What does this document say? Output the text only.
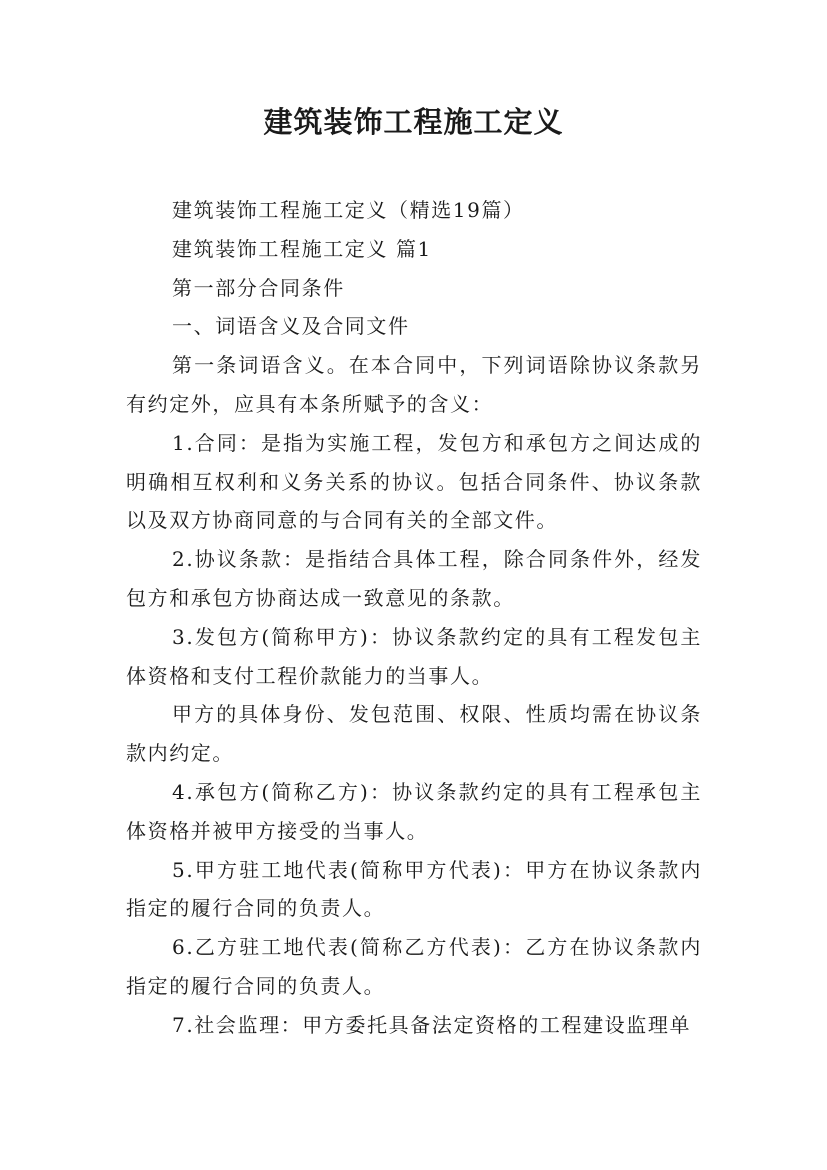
建筑装饰工程施工定义

建筑装饰工程施工定义（精选19篇）

建筑装饰工程施工定义 篇1

第一部分合同条件

一、词语含义及合同文件

第一条词语含义。在本合同中，下列词语除协议条款另有约定外，应具有本条所赋予的含义：

1.合同：是指为实施工程，发包方和承包方之间达成的明确相互权利和义务关系的协议。包括合同条件、协议条款以及双方协商同意的与合同有关的全部文件。

2.协议条款：是指结合具体工程，除合同条件外，经发包方和承包方协商达成一致意见的条款。

3.发包方(简称甲方)：协议条款约定的具有工程发包主体资格和支付工程价款能力的当事人。

甲方的具体身份、发包范围、权限、性质均需在协议条款内约定。

4.承包方(简称乙方)：协议条款约定的具有工程承包主体资格并被甲方接受的当事人。

5.甲方驻工地代表(简称甲方代表)：甲方在协议条款内指定的履行合同的负责人。

6.乙方驻工地代表(简称乙方代表)：乙方在协议条款内指定的履行合同的负责人。

7.社会监理：甲方委托具备法定资格的工程建设监理单
